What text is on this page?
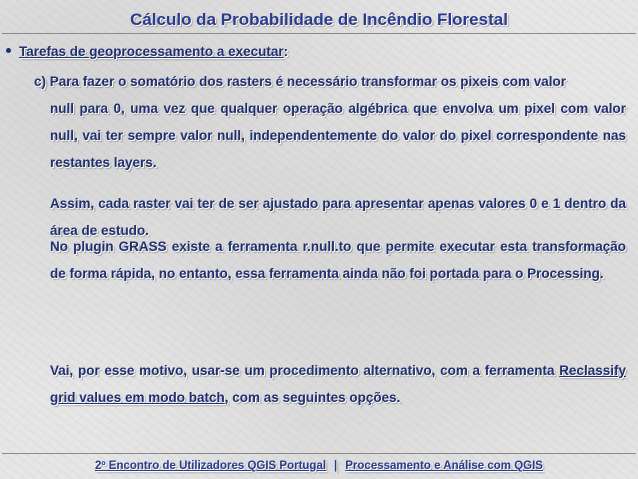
Cálculo da Probabilidade de Incêndio Florestal
Tarefas de geoprocessamento a executar:
c) Para fazer o somatório dos rasters é necessário transformar os pixeis com valor
null para 0, uma vez que qualquer operação algébrica que envolva um pixel com valor null, vai ter sempre valor null, independentemente do valor do pixel correspondente nas restantes layers.
Assim, cada raster vai ter de ser ajustado para apresentar apenas valores 0 e 1 dentro da área de estudo.
No plugin GRASS existe a ferramenta r.null.to que permite executar esta transformação de forma rápida, no entanto, essa ferramenta ainda não foi portada para o Processing.
Vai, por esse motivo, usar-se um procedimento alternativo, com a ferramenta Reclassify grid values em modo batch, com as seguintes opções.
2º Encontro de Utilizadores QGIS Portugal | Processamento e Análise com QGIS
